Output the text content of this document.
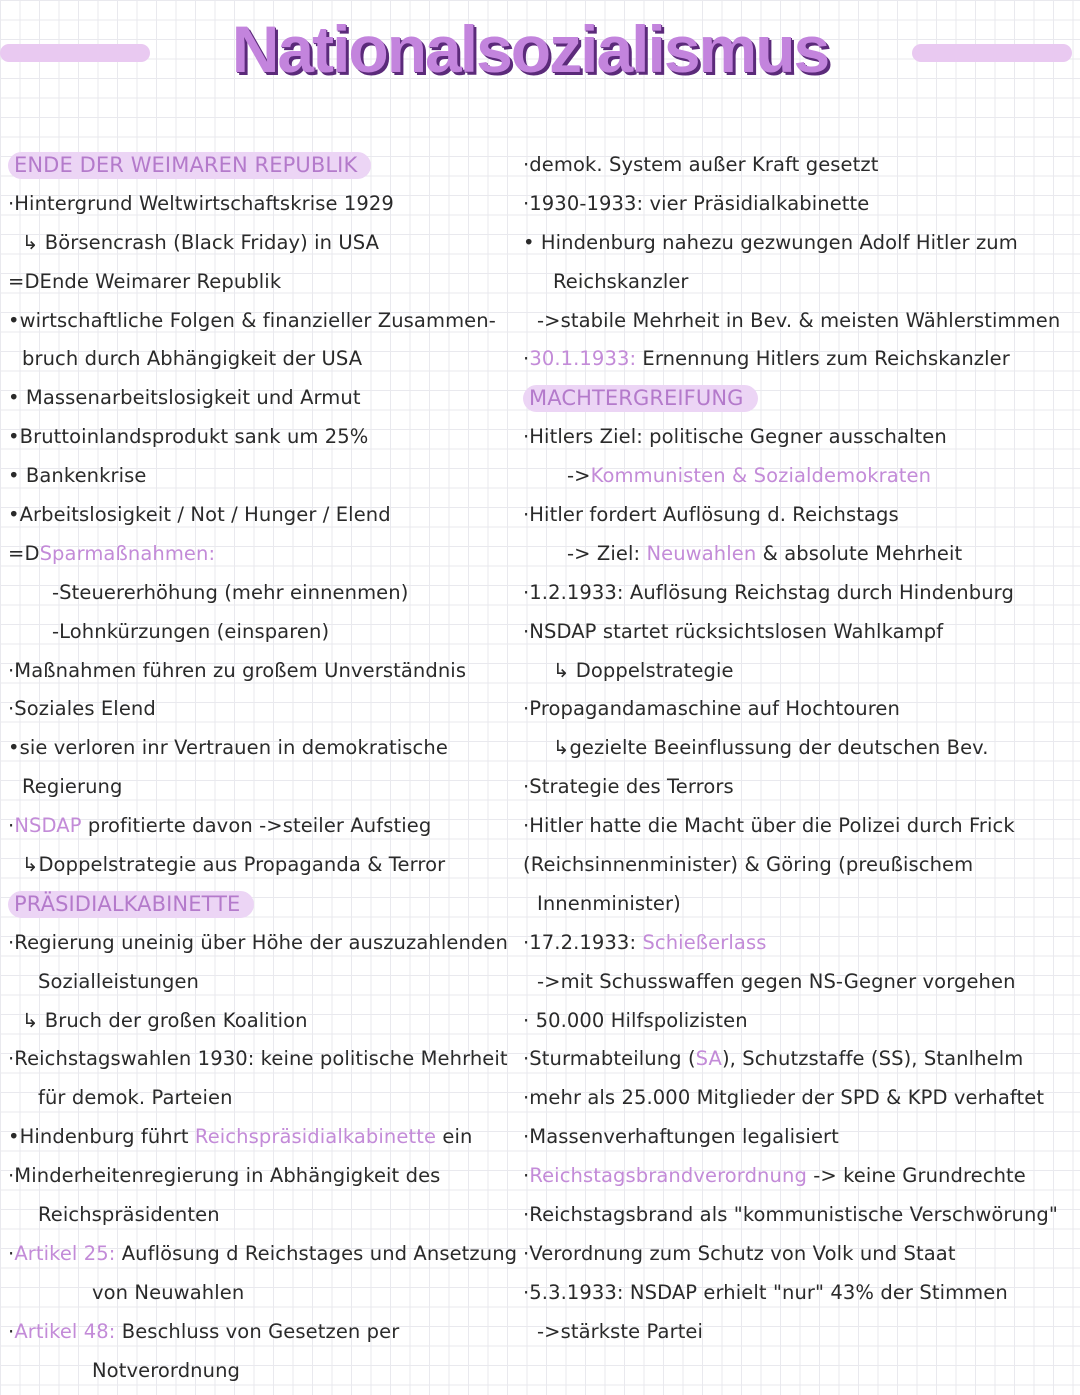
Nationalsozialismus
ENDE DER WEIMAREN REPUBLIK
·Hintergrund Weltwirtschaftskrise 1929
↳ Börsencrash (Black Friday) in USA
=DEnde Weimarer Republik
•wirtschaftliche Folgen & finanzieller Zusammen-
bruch durch Abhängigkeit der USA
• Massenarbeitslosigkeit und Armut
•Bruttoinlandsprodukt sank um 25%
• Bankenkrise
•Arbeitslosigkeit / Not / Hunger / Elend
=DSparmaßnahmen:
-Steuererhöhung (mehr einnenmen)
-Lohnkürzungen (einsparen)
·Maßnahmen führen zu großem Unverständnis
·Soziales Elend
•sie verloren inr Vertrauen in demokratische
Regierung
·NSDAP profitierte davon ->steiler Aufstieg
↳Doppelstrategie aus Propaganda & Terror
PRÄSIDIALKABINETTE
·Regierung uneinig über Höhe der auszuzahlenden
Sozialleistungen
↳ Bruch der großen Koalition
·Reichstagswahlen 1930: keine politische Mehrheit
für demok. Parteien
•Hindenburg führt Reichspräsidialkabinette ein
·Minderheitenregierung in Abhängigkeit des
Reichspräsidenten
·Artikel 25: Auflösung d Reichstages und Ansetzung
von Neuwahlen
·Artikel 48: Beschluss von Gesetzen per
Notverordnung
·demok. System außer Kraft gesetzt
·1930-1933: vier Präsidialkabinette
• Hindenburg nahezu gezwungen Adolf Hitler zum
Reichskanzler
->stabile Mehrheit in Bev. & meisten Wählerstimmen
·30.1.1933: Ernennung Hitlers zum Reichskanzler
MACHTERGREIFUNG
·Hitlers Ziel: politische Gegner ausschalten
->Kommunisten & Sozialdemokraten
·Hitler fordert Auflösung d. Reichstags
-> Ziel: Neuwahlen & absolute Mehrheit
·1.2.1933: Auflösung Reichstag durch Hindenburg
·NSDAP startet rücksichtslosen Wahlkampf
↳ Doppelstrategie
·Propagandamaschine auf Hochtouren
↳gezielte Beeinflussung der deutschen Bev.
·Strategie des Terrors
·Hitler hatte die Macht über die Polizei durch Frick
(Reichsinnenminister) & Göring (preußischem
Innenminister)
·17.2.1933: Schießerlass
->mit Schusswaffen gegen NS-Gegner vorgehen
· 50.000 Hilfspolizisten
·Sturmabteilung (SA), Schutzstaffe (SS), Stanlhelm
·mehr als 25.000 Mitglieder der SPD & KPD verhaftet
·Massenverhaftungen legalisiert
·Reichstagsbrandverordnung -> keine Grundrechte
·Reichstagsbrand als "kommunistische Verschwörung"
·Verordnung zum Schutz von Volk und Staat
·5.3.1933: NSDAP erhielt "nur" 43% der Stimmen
->stärkste Partei
